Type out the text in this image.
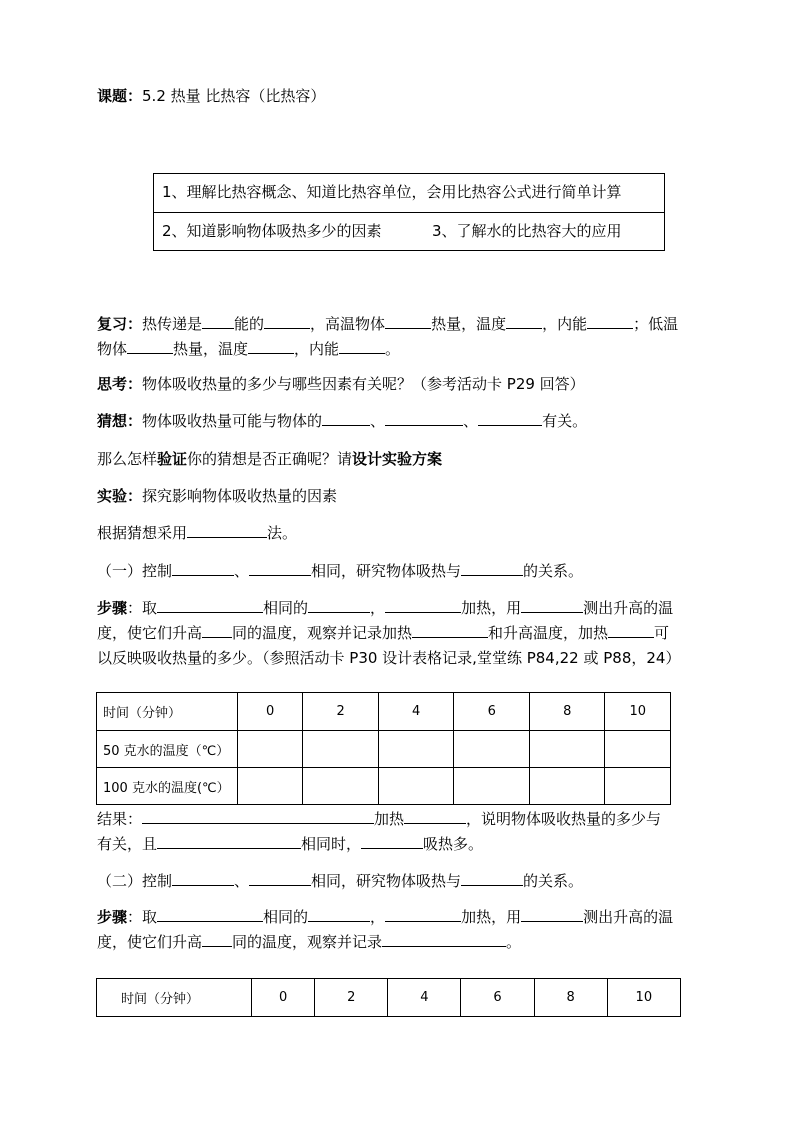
课题：5.2 热量 比热容（比热容）
1、理解比热容概念、知道比热容单位，会用比热容公式进行简单计算
2、知道影响物体吸热多少的因素	3、了解水的比热容大的应用
复习：热传递是 能的	，高温物体	热量，温度 ，内能	；低温
物体	热量，温度	，内能	。
思考：物体吸收热量的多少与哪些因素有关呢？（参考活动卡 P29 回答）
猜想：物体吸收热量可能与物体的	、	、	有关。
那么怎样验证你的猜想是否正确呢？请设计实验方案
实验：探究影响物体吸收热量的因素
根据猜想采用	法。
（一）控制	、	相同，研究物体吸热与	的关系。
步骤：取	相同的	，	加热，用	测出升高的温
度，使它们升高 同的温度，观察并记录加热	和升高温度，加热	可
以反映吸收热量的多少。（参照活动卡 P30 设计表格记录,堂堂练 P84,22 或 P88，24）
时间（分钟）	0	2	4	6	8	10
50 克水的温度（℃）						
100 克水的温度(℃）						
结果：	加热	，说明物体吸收热量的多少与
有关，且	相同时，	吸热多。
（二）控制	、	相同，研究物体吸热与	的关系。
步骤：取	相同的	，	加热，用	测出升高的温
度，使它们升高 同的温度，观察并记录	。
时间（分钟）	0	2	4	6	8	10
